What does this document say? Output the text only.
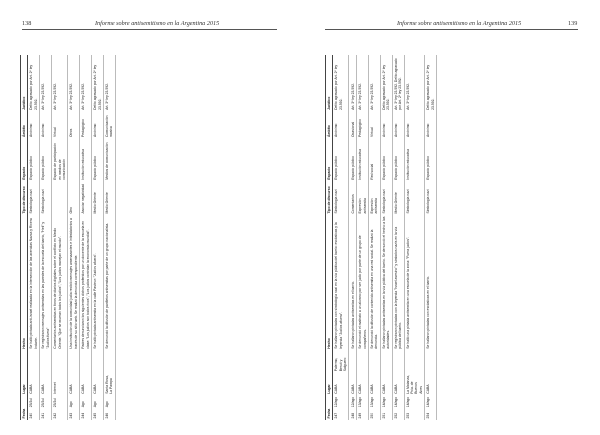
138	Informe sobre antisemitismo en la Argentina 2015	Informe sobre antisemitismo en la Argentina 2015	139
Fecha		Lugar		Hecho	Tipo de discurso	Espacio	Ámbito	Jurídico
240	25/Jul	CABA		Se halló pintada anti-israel realizada en la intersección de las avenidas Nazca y Rivera Indarte.	Simbología nazi	Espacio público	Anónimo	Delito agravado por Art. 2º ley 23.592.
241	25/Jul	CABA		Se registraron mensajes antisemitas en las paredes de la escuela del barrio, "Heil" y "Judíos fuera"	Simbología nazi	Espacio público	Anónimo	Art. 3º ley 23.592.
242	25/Jul	Internet		Comentarios antisemitas en foros de diarios digitales sobre el conflicto en Medio Oriente. "Que se mueran todos los judíos", "Los judíos manejan el mundo".		Espacio de participación en medios de comunicación	Virtual	Art. 3º ley 23.592.
243	Ago	CABA		Una institución de la comunidad judía recibió mensajes amenazantes e intimidatorios a través de su sitio web. Se realizó la denuncia correspondiente.	Otro		Otros	Art. 3º ley 23.592.
244	Ago	CABA		Padres denunciaron los siguientes dichos proferidos por un docente de la escuela en clase: "Los judíos son todos ricos", "Los judíos controlan la economía mundial".	Asociar negatividad	Institución educativa	Pedagógico	Art. 3º ley 23.592.
245	Ago	CABA		Se halló pintada antisemita en la calle Pasteur: "Judíos afuera".	Medio Oriente	Espacio público	Anónimo	Delito agravado por Art. 2º ley 23.592.
246	Ago	Santa Rosa, La Pampa		Se denunció la difusión de panfletos antisemitas por parte de un grupo nacionalista.	Medio Oriente	Medios de comunicación	Comunicación masiva	Art. 3º ley 23.592.
Fecha		Lugar		Hecho	Tipo de discurso	Espacio	Ámbito	Jurídico
247	12/ago	CABA	Palermo, Beruti y Salguero	Se hallaron pintadas con simbología nazi en la vía pública del barrio: esvásticas y la leyenda "Judíos afuera".	Simbología nazi	Espacio público	Anónimo	Delito agravado por Art. 2º ley 23.592.
248	12/ago	CABA		Se hallaron pintadas antisemitas en el barrio.	Comentarios	Espacio público	Ocasional	Art. 3º ley 23.592.
249	13/ago	CABA		Se denunció el maltrato a un alumno por ser judío por parte de un grupo de compañeros.	Expresión antisemita	Institución educativa	Pedagógico	Art. 3º ley 23.592.
250	13/ago	CABA		Se denunció la difusión de contenido antisemita en una red social. Se realizó la denuncia.	Expresión antisemita	Red social	Virtual	Art. 3º ley 23.592.
251	14/ago	CABA		Se hallaron pintadas antisemitas en la vía pública del barrio. Se denunció el hecho a las autoridades.	Simbología nazi	Espacio público	Anónimo	Delito agravado por Art. 2º ley 23.592.
252	14/ago	CABA		Se registraron pintadas con la leyenda "Israel asesino" y símbolos nazis en la vía pública del barrio.	Medio Oriente	Espacio público	Anónimo	Art. 3º ley 23.592. Delito agravado por Art. 2º ley 23.592.
253	14/ago	La Matanza, Pcia. de Buenos Aires		Se halló una pintada antisemita en una escuela de la zona: "Fuera judíos".	Simbología nazi	Institución educativa	Anónimo	Art. 3º ley 23.592.
254	14/ago	CABA		Se hallaron pintadas con esvásticas en el barrio.	Simbología nazi	Espacio público	Anónimo	Delito agravado por Art. 2º ley 23.592.
